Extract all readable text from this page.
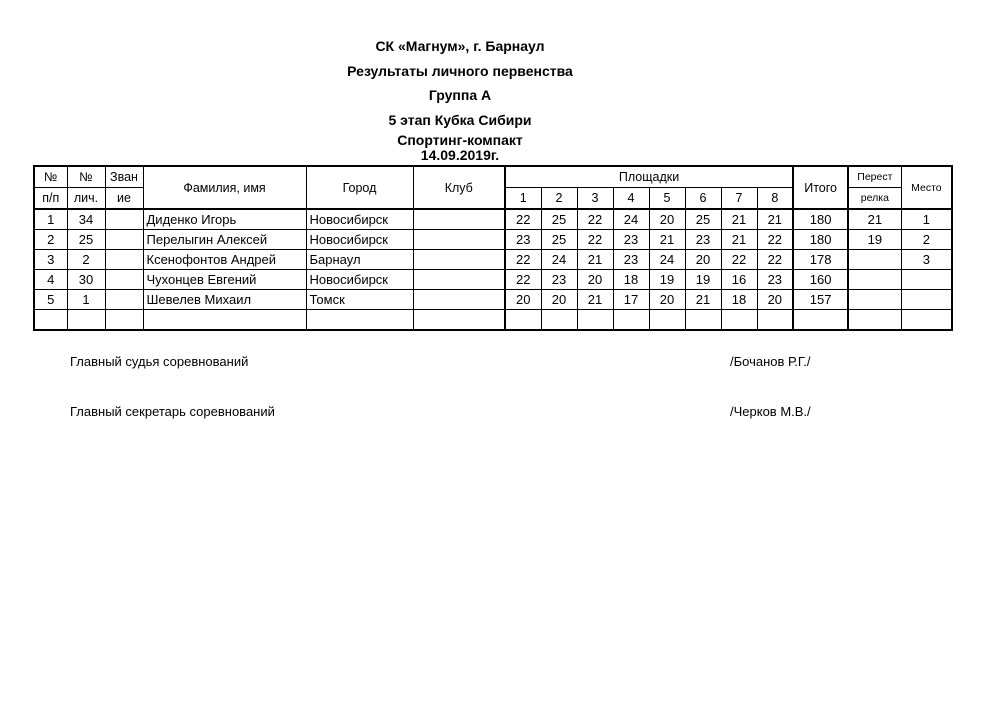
СК «Магнум», г. Барнаул
Результаты личного первенства
Группа А
5 этап Кубка Сибири
Спортинг-компакт
14.09.2019г.
№	№	Зван	Фамилия, имя	Город	Клуб	Площадки								Итого	Перест	Место
п/п	лич.	ие				1	2	3	4	5	6	7	8		релка	
1	34		Диденко Игорь	Новосибирск		22	25	22	24	20	25	21	21	180	21	1
2	25		Перелыгин Алексей	Новосибирск		23	25	22	23	21	23	21	22	180	19	2
3	2		Ксенофонтов Андрей	Барнаул		22	24	21	23	24	20	22	22	178		3
4	30		Чухонцев Евгений	Новосибирск		22	23	20	18	19	19	16	23	160		
5	1		Шевелев Михаил	Томск		20	20	21	17	20	21	18	20	157		

Главный судья соревнований	/Бочанов Р.Г./
Главный секретарь соревнований	/Черков М.В./
